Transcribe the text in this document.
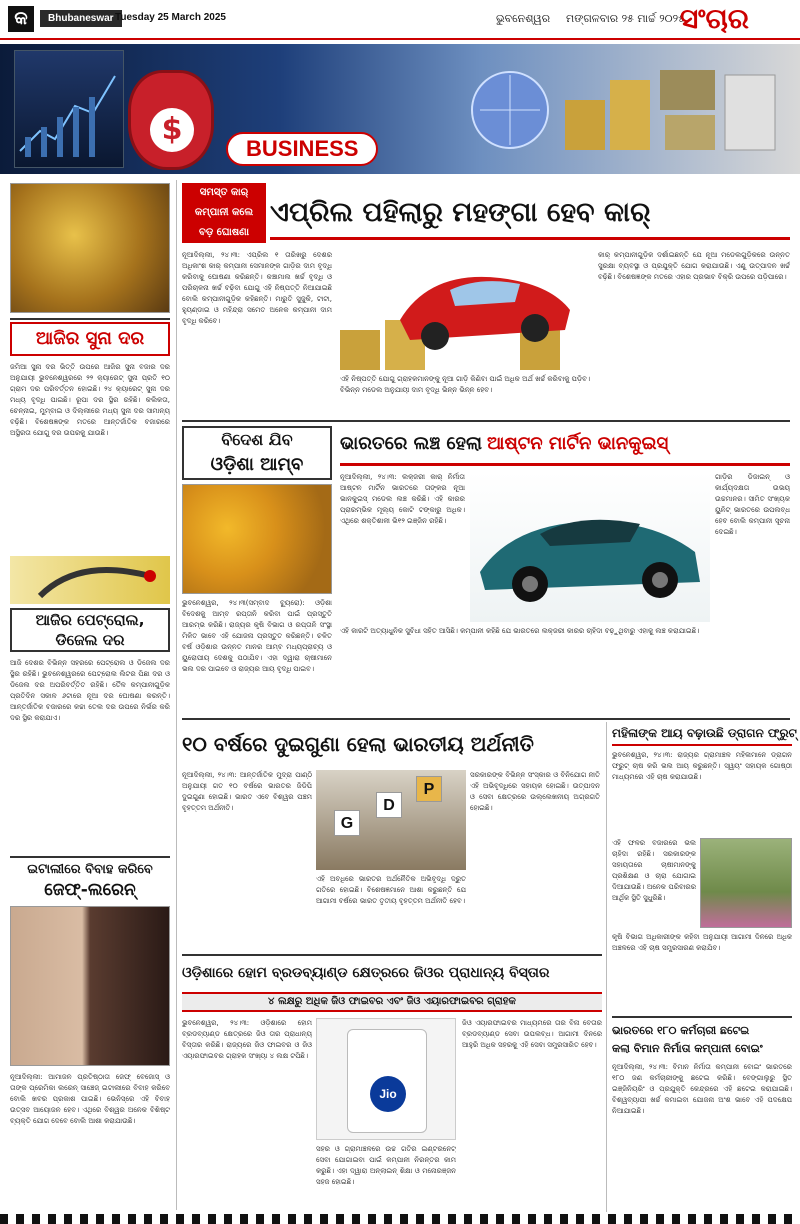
କ	Bhubaneswar Tuesday 25 March 2025	ଭୁବନେଶ୍ୱର ମଙ୍ଗଳବାର ୨୫ ମାର୍ଚ୍ଚ ୨୦୨୫
ସଂଚାର
$
BUSINESS
ଆଜିର ସୁନା ଦର
ଜମିଆ ସୁନା ଦର ଭିତ୍ତି ଉପରେ ଆଜିର ସୁନା ବଜାର ଦର ଅନୁଯାୟୀ ଭୁବନେଶ୍ୱରରେ ୨୨ କ୍ୟାରେଟ୍ ସୁନା ପ୍ରତି ୧୦ ଗ୍ରାମ ଦର ପରିବର୍ତ୍ତନ ହୋଇଛି। ୨୪ କ୍ୟାରେଟ୍ ସୁନା ଦର ମଧ୍ୟ ବୃଦ୍ଧି ପାଇଛି। ରୂପା ଦର ସ୍ଥିର ରହିଛି। କଲିକତା, ଚେନ୍ନାଇ, ମୁମ୍ବାଇ ଓ ଦିଲ୍ଲୀରେ ମଧ୍ୟ ସୁନା ଦର ସାମାନ୍ୟ ବଢ଼ିଛି। ବିଶେଷଜ୍ଞଙ୍କ ମତରେ ଆନ୍ତର୍ଜାତିକ ବଜାରରେ ଅସ୍ଥିରତା ଯୋଗୁ ଦର ଉପରକୁ ଯାଉଛି।
ଆଜିର ପେଟ୍ରୋଲ,
ଡିଜେଲ ଦର
ଆଜି ଦେଶର ବିଭିନ୍ନ ସହରରେ ପେଟ୍ରୋଲ ଓ ଡିଜେଲ ଦର ସ୍ଥିର ରହିଛି। ଭୁବନେଶ୍ୱରରେ ପେଟ୍ରୋଲ ଲିଟର ପିଛା ଦର ଓ ଡିଜେଲ ଦର ଅପରିବର୍ତ୍ତିତ ରହିଛି। ତୈଳ କମ୍ପାନୀଗୁଡ଼ିକ ପ୍ରତିଦିନ ସକାଳ ୬ଟାରେ ନୂଆ ଦର ଘୋଷଣା କରନ୍ତି। ଆନ୍ତର୍ଜାତିକ ବଜାରରେ କଚ୍ଚା ତେଲ ଦର ଉପରେ ନିର୍ଭର କରି ଦର ସ୍ଥିର କରାଯାଏ।
ଇଟାଲୀରେ ବିବାହ କରିବେ
ଜେଫ୍-ଲରେନ୍
ନୂଆଦିଲ୍ଲୀ: ଆମାଜନ ପ୍ରତିଷ୍ଠାତା ଜେଫ୍ ବେଜୋସ୍ ଓ ତାଙ୍କ ପ୍ରେମିକା ଲରେନ୍ ସାଞ୍ଚେଜ୍ ଇଟାଲୀରେ ବିବାହ କରିବେ ବୋଲି ଖବର ପ୍ରକାଶ ପାଇଛି। ଭେନିସ୍‌ରେ ଏହି ବିବାହ ଉତ୍ସବ ଆୟୋଜନ ହେବ। ଏଥିରେ ବିଶ୍ୱର ଅନେକ ବିଶିଷ୍ଟ ବ୍ୟକ୍ତି ଯୋଗ ଦେବେ ବୋଲି ଆଶା କରାଯାଉଛି।
ସମସ୍ତ କାର୍
କମ୍ପାନୀ କଲେ
ବଡ଼ ଘୋଷଣା
ଏପ୍ରିଲ ପହିଲାରୁ ମହଙ୍ଗା ହେବ କାର୍
ନୂଆଦିଲ୍ଲୀ, ୨୪।୩: ଏପ୍ରିଲ ୧ ତାରିଖରୁ ଦେଶର ଅଧିକାଂଶ କାର୍ କମ୍ପାନୀ ସେମାନଙ୍କ ଗାଡ଼ିର ଦାମ ବୃଦ୍ଧି କରିବାକୁ ଘୋଷଣା କରିଛନ୍ତି। କଞ୍ଚାମାଲ ଖର୍ଚ୍ଚ ବୃଦ୍ଧି ଓ ପରିଚାଳନା ଖର୍ଚ୍ଚ ବଢ଼ିବା ଯୋଗୁ ଏହି ନିଷ୍ପତ୍ତି ନିଆଯାଇଛି ବୋଲି କମ୍ପାନୀଗୁଡ଼ିକ କହିଛନ୍ତି। ମାରୁତି ସୁଜୁକି, ଟାଟା, ହ୍ୟୁଣ୍ଡାଇ ଓ ମହିନ୍ଦ୍ରା ସମେତ ଅନେକ କମ୍ପାନୀ ଦାମ ବୃଦ୍ଧି କରିବେ।
ଏହି ନିଷ୍ପତ୍ତି ଯୋଗୁ ଗ୍ରାହକମାନଙ୍କୁ ନୂଆ ଗାଡ଼ି କିଣିବା ପାଇଁ ଅଧିକ ଅର୍ଥ ଖର୍ଚ୍ଚ କରିବାକୁ ପଡ଼ିବ। ବିଭିନ୍ନ ମଡେଲ ଅନୁଯାୟୀ ଦାମ ବୃଦ୍ଧି ଭିନ୍ନ ଭିନ୍ନ ହେବ।
କାର୍ କମ୍ପାନୀଗୁଡ଼ିକ ଦର୍ଶାଇଛନ୍ତି ଯେ ନୂଆ ମଡେଲଗୁଡ଼ିକରେ ଉନ୍ନତ ସୁରକ୍ଷା ବ୍ୟବସ୍ଥା ଓ ପ୍ରଯୁକ୍ତି ଯୋଗ କରାଯାଉଛି। ଏଣୁ ଉତ୍ପାଦନ ଖର୍ଚ୍ଚ ବଢ଼ିଛି। ବିଶେଷଜ୍ଞଙ୍କ ମତରେ ଏହାର ପ୍ରଭାବ ବିକ୍ରି ଉପରେ ପଡ଼ିପାରେ।
ବିଦେଶ ଯିବ
ଓଡ଼ିଶା ଆମ୍ବ
ଭୁବନେଶ୍ୱର, ୨୪।୩(ସମ୍ବାଦ ବ୍ୟୁରୋ): ଓଡ଼ିଶା ବିଦେଶକୁ ଆମ୍ବ ରପ୍ତାନି କରିବା ପାଇଁ ପ୍ରସ୍ତୁତି ଆରମ୍ଭ କରିଛି। ରାଜ୍ୟର କୃଷି ବିଭାଗ ଓ ରପ୍ତାନି ସଂସ୍ଥା ମିଳିତ ଭାବେ ଏହି ଯୋଜନା ପ୍ରସ୍ତୁତ କରିଛନ୍ତି। ଚଳିତ ବର୍ଷ ଓଡ଼ିଶାର ଉନ୍ନତ ମାନର ଆମ୍ବ ମଧ୍ୟପ୍ରାଚ୍ୟ ଓ ୟୁରୋପୀୟ ଦେଶକୁ ପଠାଯିବ। ଏହା ଦ୍ୱାରା ଚାଷୀମାନେ ଭଲ ଦର ପାଇବେ ଓ ରାଜ୍ୟର ଆୟ ବୃଦ୍ଧି ପାଇବ।
ଭାରତରେ ଲଞ୍ଚ ହେଲା ଆଷ୍ଟନ ମାର୍ଟିନ ଭାନକୁଇସ୍
ନୂଆଦିଲ୍ଲୀ, ୨୪।୩: ଲକ୍ଜରୀ କାର୍ ନିର୍ମାତା ଆଷ୍ଟନ ମାର୍ଟିନ ଭାରତରେ ତାଙ୍କର ନୂଆ ଭାନକୁଇସ୍ ମଡେଲ ଲଞ୍ଚ କରିଛି। ଏହି କାରର ପ୍ରାରମ୍ଭିକ ମୂଲ୍ୟ କୋଟି ଟଙ୍କାରୁ ଅଧିକ। ଏଥିରେ ଶକ୍ତିଶାଳୀ ଭି୧୨ ଇଞ୍ଜିନ ରହିଛି।
ଗାଡ଼ିର ଡିଜାଇନ୍ ଓ କାର୍ଯ୍ୟଦକ୍ଷତା ଉଭୟ ଉଚ୍ଚମାନର। ସୀମିତ ସଂଖ୍ୟକ ୟୁନିଟ୍ ଭାରତରେ ଉପଲବ୍ଧ ହେବ ବୋଲି କମ୍ପାନୀ ସୂଚନା ଦେଇଛି।
ଏହି କାରଟି ଅତ୍ୟାଧୁନିକ ସୁବିଧା ସହିତ ଆସିଛି। କମ୍ପାନୀ କହିଛି ଯେ ଭାରତରେ ଲକ୍ଜରୀ କାରର ଚାହିଦା ବଢ଼ୁଥିବାରୁ ଏହାକୁ ଲଞ୍ଚ କରାଯାଇଛି।
୧୦ ବର୍ଷରେ ଦୁଇଗୁଣା ହେଲା ଭାରତୀୟ ଅର୍ଥନୀତି
ନୂଆଦିଲ୍ଲୀ, ୨୪।୩: ଆନ୍ତର୍ଜାତିକ ମୁଦ୍ରା ପାଣ୍ଠି ଅନୁଯାୟୀ ଗତ ୧୦ ବର୍ଷରେ ଭାରତର ଜିଡିପି ଦୁଇଗୁଣା ହୋଇଛି। ଭାରତ ଏବେ ବିଶ୍ୱର ପଞ୍ଚମ ବୃହତ୍ତମ ଅର୍ଥନୀତି।
G
D
P
ଏହି ଅବଧିରେ ଭାରତର ଅର୍ଥନୈତିକ ଅଭିବୃଦ୍ଧି ଦ୍ରୁତ ଗତିରେ ହୋଇଛି। ବିଶେଷଜ୍ଞମାନେ ଆଶା କରୁଛନ୍ତି ଯେ ଆଗାମୀ ବର୍ଷରେ ଭାରତ ତୃତୀୟ ବୃହତ୍ତମ ଅର୍ଥନୀତି ହେବ।
ସରକାରଙ୍କ ବିଭିନ୍ନ ସଂସ୍କାର ଓ ବିନିଯୋଗ ନୀତି ଏହି ଅଭିବୃଦ୍ଧିରେ ସହାୟକ ହୋଇଛି। ଉତ୍ପାଦନ ଓ ସେବା କ୍ଷେତ୍ରରେ ଉଲ୍ଲେଖନୀୟ ଅଗ୍ରଗତି ହୋଇଛି।
ମହିଳାଙ୍କ ଆୟ ବଢ଼ାଉଛି ଡ୍ରାଗନ ଫ୍ରୁଟ୍
ଭୁବନେଶ୍ୱର, ୨୪।୩: ରାଜ୍ୟର ଗ୍ରାମାଞ୍ଚଳ ମହିଳାମାନେ ଡ୍ରାଗନ ଫ୍ରୁଟ୍ ଚାଷ କରି ଭଲ ଆୟ କରୁଛନ୍ତି। ସ୍ୱୟଂ ସହାୟକ ଗୋଷ୍ଠୀ ମାଧ୍ୟମରେ ଏହି ଚାଷ କରାଯାଉଛି।
ଏହି ଫଳର ବଜାରରେ ଭଲ ଚାହିଦା ରହିଛି। ସରକାରଙ୍କ ସହାୟତାରେ ଚାଷୀମାନଙ୍କୁ ପ୍ରଶିକ୍ଷଣ ଓ ଚାରା ଯୋଗାଇ ଦିଆଯାଉଛି। ଅନେକ ପରିବାରର ଆର୍ଥିକ ସ୍ଥିତି ସୁଧୁରିଛି।
କୃଷି ବିଭାଗ ଅଧିକାରୀଙ୍କ କହିବା ଅନୁଯାୟୀ ଆଗାମୀ ଦିନରେ ଅଧିକ ଅଞ୍ଚଳରେ ଏହି ଚାଷ ସମ୍ପ୍ରସାରଣ କରାଯିବ।
ଭାରତରେ ୧୮୦ କର୍ମଚାରୀ ଛଟେଇ
କଲା ବିମାନ ନିର୍ମାତା କମ୍ପାନୀ ବୋଇଂ
ନୂଆଦିଲ୍ଲୀ, ୨୪।୩: ବିମାନ ନିର୍ମାତା କମ୍ପାନୀ ବୋଇଂ ଭାରତରେ ୧୮୦ ଜଣ କର୍ମଚାରୀଙ୍କୁ ଛଟେଇ କରିଛି। ବେଙ୍ଗାଲୁରୁ ସ୍ଥିତ ଇଞ୍ଜିନିୟରିଂ ଓ ପ୍ରଯୁକ୍ତି କେନ୍ଦ୍ରରେ ଏହି ଛଟେଇ କରାଯାଇଛି। ବିଶ୍ୱବ୍ୟାପୀ ଖର୍ଚ୍ଚ କମାଇବା ଯୋଜନା ଅଂଶ ଭାବେ ଏହି ପଦକ୍ଷେପ ନିଆଯାଇଛି।
ଓଡ଼ିଶାରେ ହୋମ ବ୍ରଡବ୍ୟାଣ୍ଡ କ୍ଷେତ୍ରରେ ଜିଓର ପ୍ରାଧାନ୍ୟ ବିସ୍ତାର
୪ ଲକ୍ଷରୁ ଅଧିକ ଜିଓ ଫାଇବର ଏବଂ ଜିଓ ଏୟାରଫାଇବର ଗ୍ରାହକ
ଭୁବନେଶ୍ୱର, ୨୪।୩: ଓଡ଼ିଶାରେ ହୋମ ବ୍ରଡବ୍ୟାଣ୍ଡ କ୍ଷେତ୍ରରେ ଜିଓ ତାର ପ୍ରାଧାନ୍ୟ ବିସ୍ତାର କରିଛି। ରାଜ୍ୟରେ ଜିଓ ଫାଇବର ଓ ଜିଓ ଏୟାରଫାଇବର ଗ୍ରାହକ ସଂଖ୍ୟା ୪ ଲକ୍ଷ ଟପିଛି।
Jio
ସହର ଓ ଗ୍ରାମାଞ୍ଚଳରେ ଉଚ୍ଚ ଗତିର ଇଣ୍ଟରନେଟ୍ ସେବା ଯୋଗାଇବା ପାଇଁ କମ୍ପାନୀ ନିରନ୍ତର କାମ କରୁଛି। ଏହା ଦ୍ୱାରା ଅନ୍‌ଲାଇନ୍ ଶିକ୍ଷା ଓ ମନୋରଞ୍ଜନ ସହଜ ହୋଇଛି।
ଜିଓ ଏୟାରଫାଇବର ମାଧ୍ୟମରେ ତାର ବିନା ବେତାର ବ୍ରଡବ୍ୟାଣ୍ଡ ସେବା ଉପଲବ୍ଧ। ଆଗାମୀ ଦିନରେ ଆହୁରି ଅଧିକ ସହରକୁ ଏହି ସେବା ସମ୍ପ୍ରସାରିତ ହେବ।
